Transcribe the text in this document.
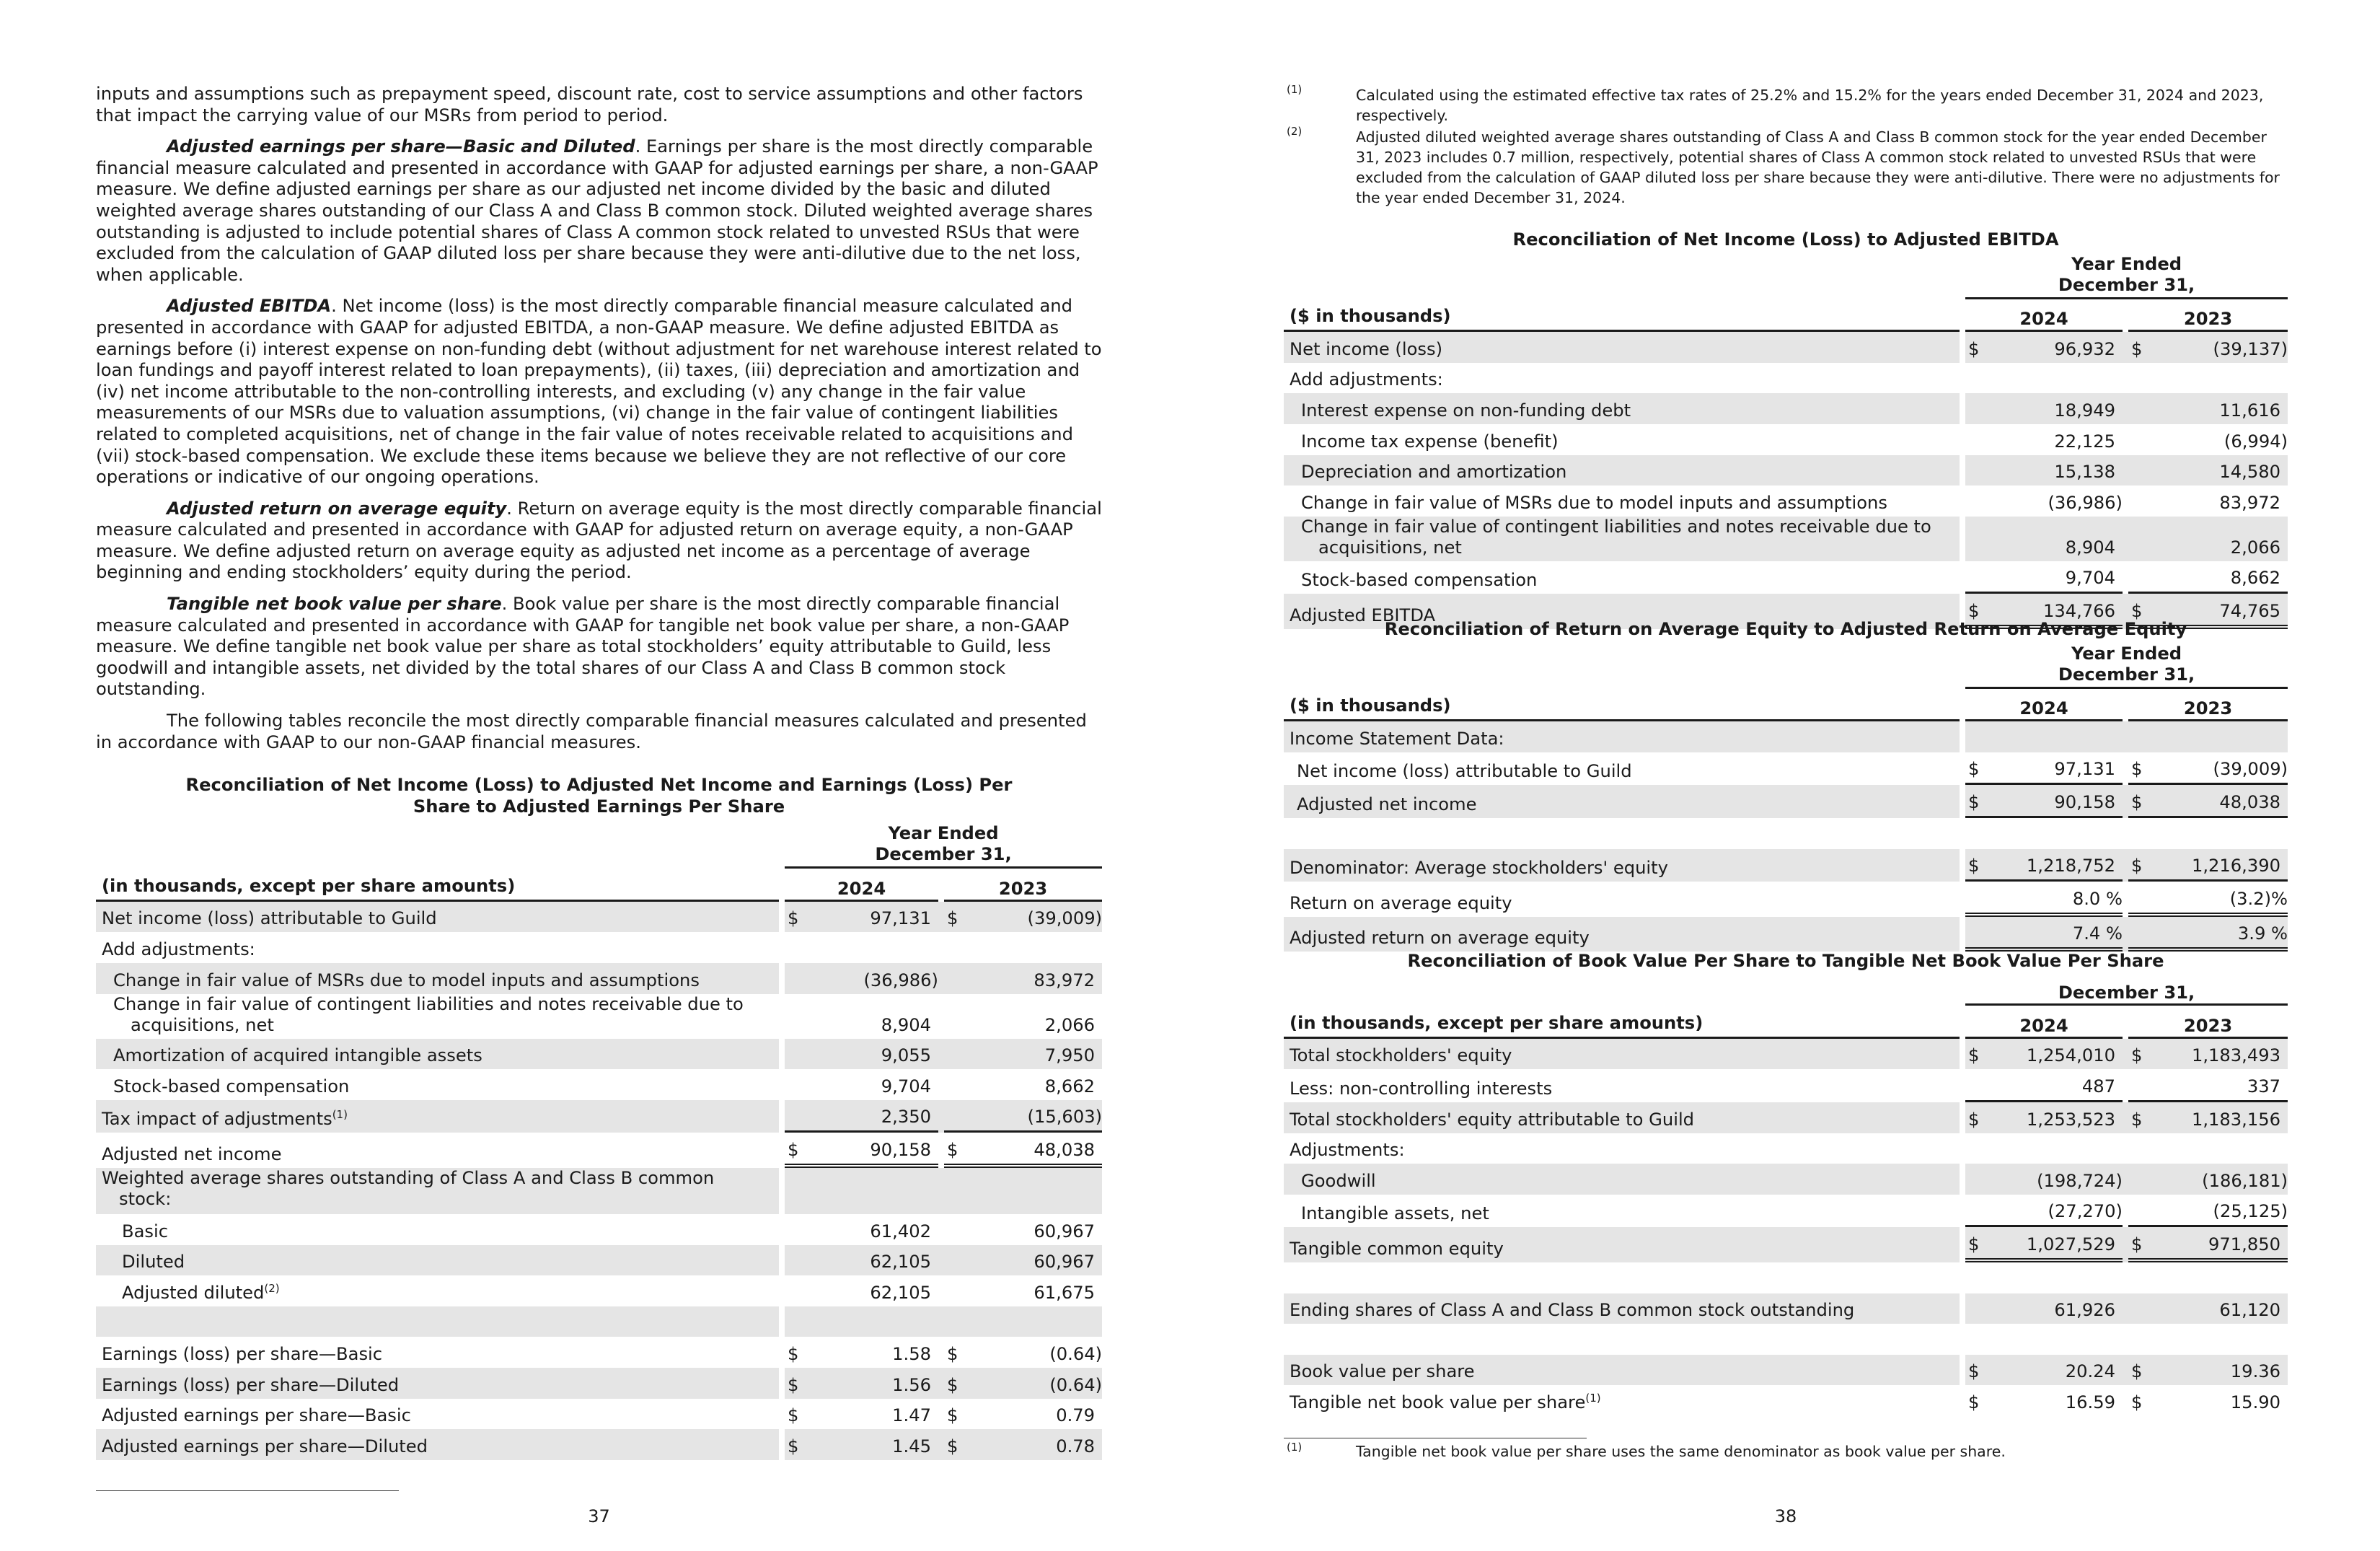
inputs and assumptions such as prepayment speed, discount rate, cost to service assumptions and other factors that impact the carrying value of our MSRs from period to period.

Adjusted earnings per share—Basic and Diluted. Earnings per share is the most directly comparable financial measure calculated and presented in accordance with GAAP for adjusted earnings per share, a non-GAAP measure. We define adjusted earnings per share as our adjusted net income divided by the basic and diluted weighted average shares outstanding of our Class A and Class B common stock. Diluted weighted average shares outstanding is adjusted to include potential shares of Class A common stock related to unvested RSUs that were excluded from the calculation of GAAP diluted loss per share because they were anti-dilutive due to the net loss, when applicable.

Adjusted EBITDA. Net income (loss) is the most directly comparable financial measure calculated and presented in accordance with GAAP for adjusted EBITDA, a non-GAAP measure. We define adjusted EBITDA as earnings before (i) interest expense on non-funding debt (without adjustment for net warehouse interest related to loan fundings and payoff interest related to loan prepayments), (ii) taxes, (iii) depreciation and amortization and (iv) net income attributable to the non-controlling interests, and excluding (v) any change in the fair value measurements of our MSRs due to valuation assumptions, (vi) change in the fair value of contingent liabilities related to completed acquisitions, net of change in the fair value of notes receivable related to acquisitions and (vii) stock-based compensation. We exclude these items because we believe they are not reflective of our core operations or indicative of our ongoing operations.

Adjusted return on average equity. Return on average equity is the most directly comparable financial measure calculated and presented in accordance with GAAP for adjusted return on average equity, a non-GAAP measure. We define adjusted return on average equity as adjusted net income as a percentage of average beginning and ending stockholders’ equity during the period.

Tangible net book value per share. Book value per share is the most directly comparable financial measure calculated and presented in accordance with GAAP for tangible net book value per share, a non-GAAP measure. We define tangible net book value per share as total stockholders’ equity attributable to Guild, less goodwill and intangible assets, net divided by the total shares of our Class A and Class B common stock outstanding.

The following tables reconcile the most directly comparable financial measures calculated and presented in accordance with GAAP to our non-GAAP financial measures.

Reconciliation of Net Income (Loss) to Adjusted Net Income and Earnings (Loss) Per Share to Adjusted Earnings Per Share

		Year Ended
December 31,				

(in thousands, except per share amounts)		2024			2023	
Net income (loss) attributable to Guild		$	97,131		$	(39,009)
Add adjustments:						
Change in fair value of MSRs due to model inputs and assumptions			(36,986)			83,972
Change in fair value of contingent liabilities and notes receivable due to
acquisitions, net			8,904			2,066
Amortization of acquired intangible assets			9,055			7,950
Stock-based compensation			9,704			8,662
Tax impact of adjustments$^{(1)}$			2,350			(15,603)
Adjusted net income		$	90,158		$	48,038
Weighted average shares outstanding of Class A and Class B common
stock:						

Basic			61,402			60,967
Diluted			62,105			60,967
Adjusted diluted$^{(2)}$			62,105			61,675

Earnings (loss) per share—Basic		$	1.58		$	(0.64)
Earnings (loss) per share—Diluted		$	1.56		$	(0.64)
Adjusted earnings per share—Basic		$	1.47		$	0.79
Adjusted earnings per share—Diluted		$	1.45		$	0.78
37
(1)	Calculated using the estimated effective tax rates of 25.2% and 15.2% for the years ended December 31, 2024 and 2023, respectively.
(2)	Adjusted diluted weighted average shares outstanding of Class A and Class B common stock for the year ended December 31, 2023 includes 0.7 million, respectively, potential shares of Class A common stock related to unvested RSUs that were excluded from the calculation of GAAP diluted loss per share because they were anti-dilutive. There were no adjustments for the year ended December 31, 2024.
Reconciliation of Net Income (Loss) to Adjusted EBITDA

		Year Ended
December 31,				

($ in thousands)		2024			2023	
Net income (loss)		$	96,932		$	(39,137)
Add adjustments:						
Interest expense on non-funding debt			18,949			11,616
Income tax expense (benefit)			22,125			(6,994)
Depreciation and amortization			15,138			14,580
Change in fair value of MSRs due to model inputs and assumptions			(36,986)			83,972
Change in fair value of contingent liabilities and notes receivable due to
acquisitions, net			8,904			2,066
Stock-based compensation			9,704			8,662
Adjusted EBITDA		$	134,766		$	74,765
Reconciliation of Return on Average Equity to Adjusted Return on Average Equity

		Year Ended
December 31,				

($ in thousands)		2024			2023	
Income Statement Data:						
Net income (loss) attributable to Guild		$	97,131		$	(39,009)
Adjusted net income		$	90,158		$	48,038

Denominator: Average stockholders' equity		$	1,218,752		$	1,216,390
Return on average equity			8.0 %			(3.2)%
Adjusted return on average equity			7.4 %			3.9 %
Reconciliation of Book Value Per Share to Tangible Net Book Value Per Share
		December 31,				
(in thousands, except per share amounts)		2024			2023	
Total stockholders' equity		$	1,254,010		$	1,183,493
Less: non-controlling interests			487			337
Total stockholders' equity attributable to Guild		$	1,253,523		$	1,183,156
Adjustments:						
Goodwill			(198,724)			(186,181)
Intangible assets, net			(27,270)			(25,125)
Tangible common equity		$	1,027,529		$	971,850

Ending shares of Class A and Class B common stock outstanding			61,926			61,120

Book value per share		$	20.24		$	19.36
Tangible net book value per share$^{(1)}$		$	16.59		$	15.90
(1)	Tangible net book value per share uses the same denominator as book value per share.
38
